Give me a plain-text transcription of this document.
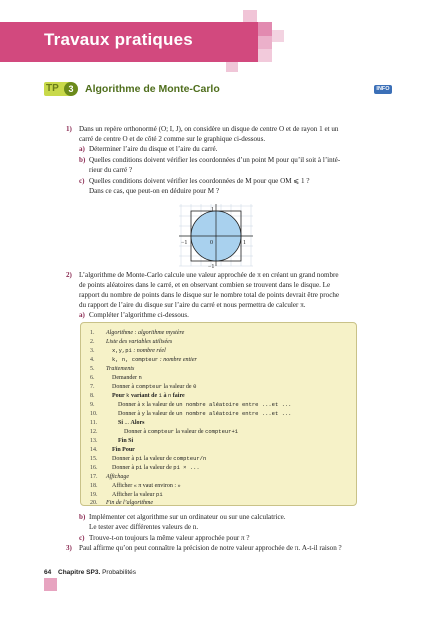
Travaux pratiques
TP	3	Algorithme de Monte-Carlo	INFO
1) Dans un repère orthonormé (O; I, J), on considère un disque de centre O et de rayon 1 et un
carré de centre O et de côté 2 comme sur le graphique ci-dessous.
a) Déterminer l’aire du disque et l’aire du carré.
b) Quelles conditions doivent vérifier les coordonnées d’un point M pour qu’il soit à l’inté-
rieur du carré ?
c) Quelles conditions doivent vérifier les coordonnées de M pour que OM ⩽ 1 ?
Dans ce cas, que peut-on en déduire pour M ?
−1	0	1
1
−1
2) L’algorithme de Monte-Carlo calcule une valeur approchée de π en créant un grand nombre
de points aléatoires dans le carré, et en observant combien se trouvent dans le disque. Le
rapport du nombre de points dans le disque sur le nombre total de points devrait être proche
du rapport de l’aire du disque sur l’aire du carré et nous permettra de calculer π.
a) Compléter l’algorithme ci-dessous.
1. Algorithme : algorithme mystère
2. Liste des variables utilisées
3.	x,y,pi : nombre réel
4.	k, n, compteur : nombre entier
5. Traitements
6.	Demander n
7.	Donner à compteur la valeur de 0
8.	Pour k variant de 1 à n faire
9.	Donner à x la valeur de un nombre aléatoire entre ...et ...
10.	Donner à y la valeur de un nombre aléatoire entre ...et ...
11.	Si ... Alors
12.	Donner à compteur la valeur de compteur+1
13.	Fin Si
14. Fin Pour
15. Donner à pi la valeur de compteur/n
16. Donner à pi la valeur de pi × ...
17. Affichage
18. Afficher « π vaut environ : »
19. Afficher la valeur pi
20. Fin de l’algorithme
b) Implémenter cet algorithme sur un ordinateur ou sur une calculatrice.
Le tester avec différentes valeurs de n.
c) Trouve-t-on toujours la même valeur approchée pour π ?
3) Paul affirme qu’on peut connaître la précision de notre valeur approchée de π. A-t-il raison ?
64 Chapitre SP3. Probabilités
